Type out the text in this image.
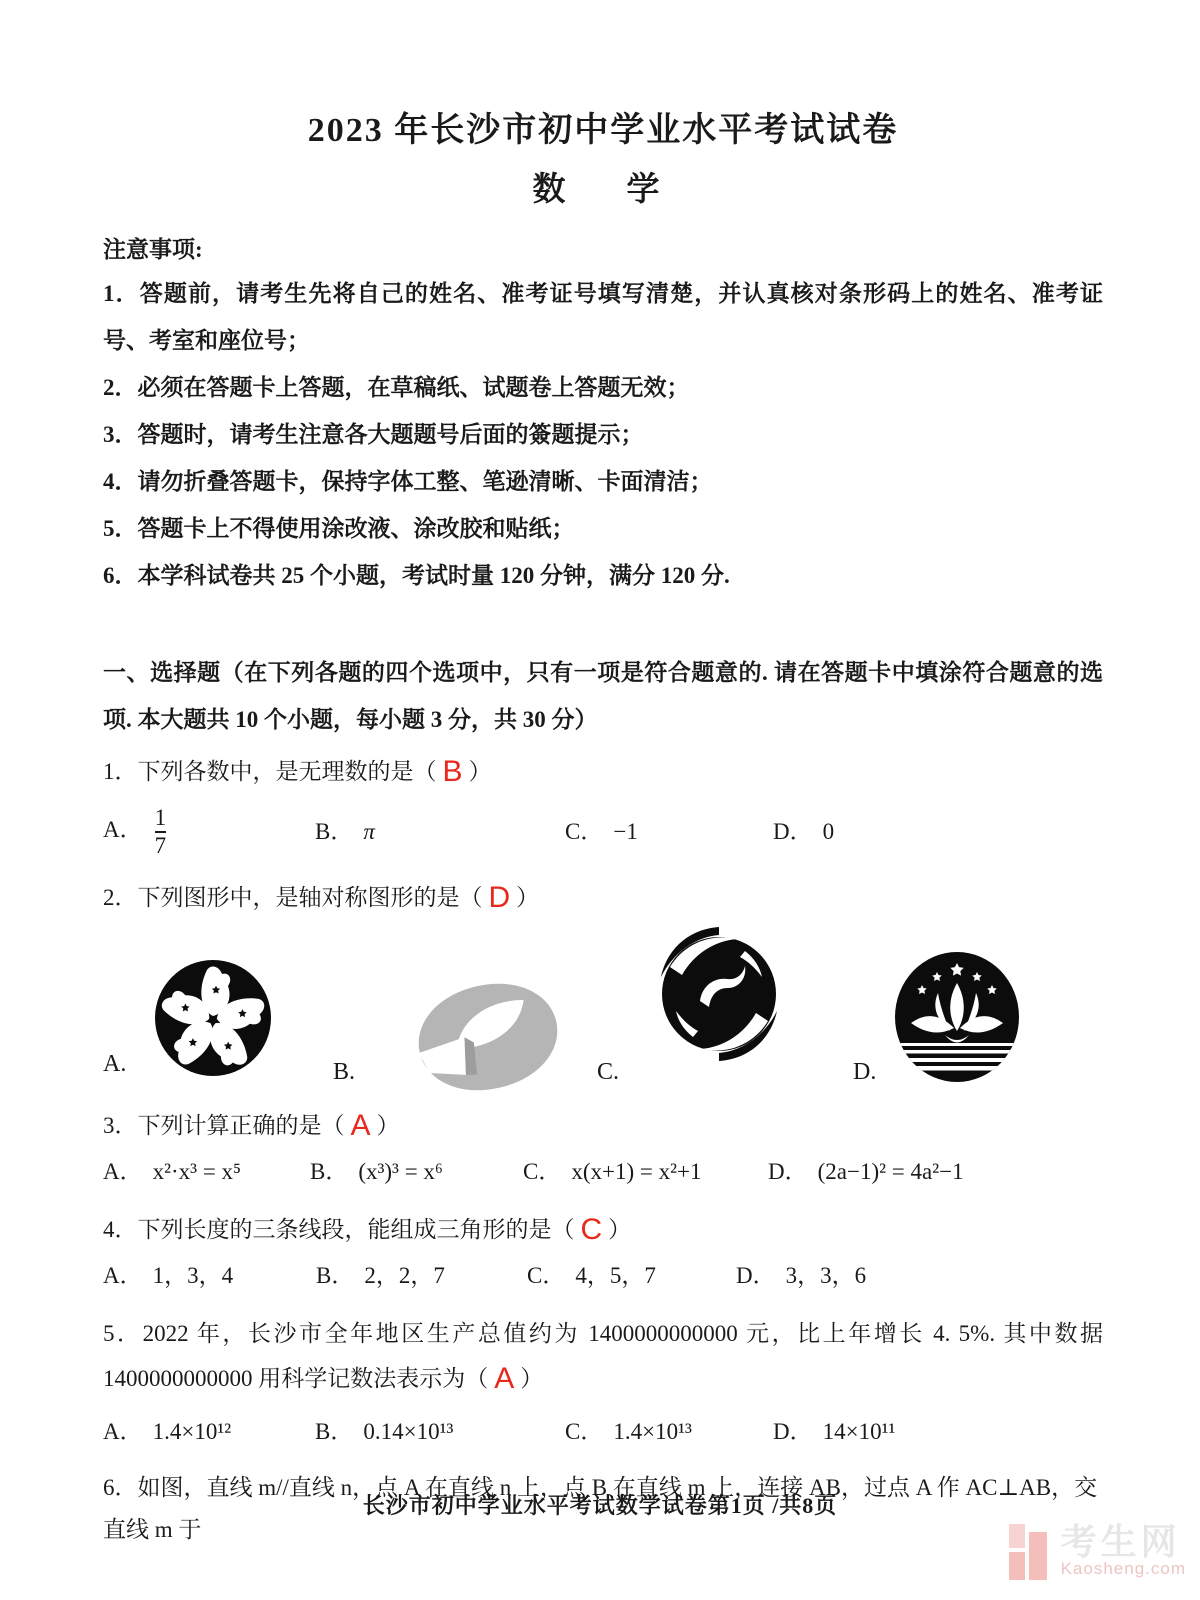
2023 年长沙市初中学业水平考试试卷
数　学
注意事项:
1．答题前，请考生先将自己的姓名、准考证号填写清楚，并认真核对条形码上的姓名、准考证号、考室和座位号；
2．必须在答题卡上答题，在草稿纸、试题卷上答题无效；
3．答题时，请考生注意各大题题号后面的簽题提示；
4．请勿折叠答题卡，保持字体工整、笔逊清晰、卡面清洁；
5．答题卡上不得使用涂改液、涂改胶和贴纸；
6．本学科试卷共 25 个小题，考试时量 120 分钟，满分 120 分.
一、选择题（在下列各题的四个选项中，只有一项是符合题意的. 请在答题卡中填涂符合题意的选项. 本大题共 10 个小题，每小题 3 分，共 30 分）
1．下列各数中，是无理数的是（ B ）
A． $\frac{1}{7}$	B． π	C． −1	D． 0
2．下列图形中，是轴对称图形的是（ D ）
A.	B.	C.	D.
3．下列计算正确的是（ A ）
A． x²·x³ = x⁵	B． (x³)³ = x⁶	C． x(x+1) = x²+1	D． (2a−1)² = 4a²−1
4．下列长度的三条线段，能组成三角形的是（ C ）
A． 1，3，4	B． 2，2，7	C． 4，5，7	D． 3，3，6
5．2022 年，长沙市全年地区生产总值约为 1400000000000 元，比上年增长 4. 5%. 其中数据 1400000000000 用科学记数法表示为（ A ）
A． 1.4×10¹²	B． 0.14×10¹³	C． 1.4×10¹³	D． 14×10¹¹
6．如图，直线 m//直线 n，点 A 在直线 n 上，点 B 在直线 m 上，连接 AB，过点 A 作 AC⊥AB，交直线 m 于
长沙市初中学业水平考试数学试卷第1页 /共8页
考生网
Kaosheng.com
